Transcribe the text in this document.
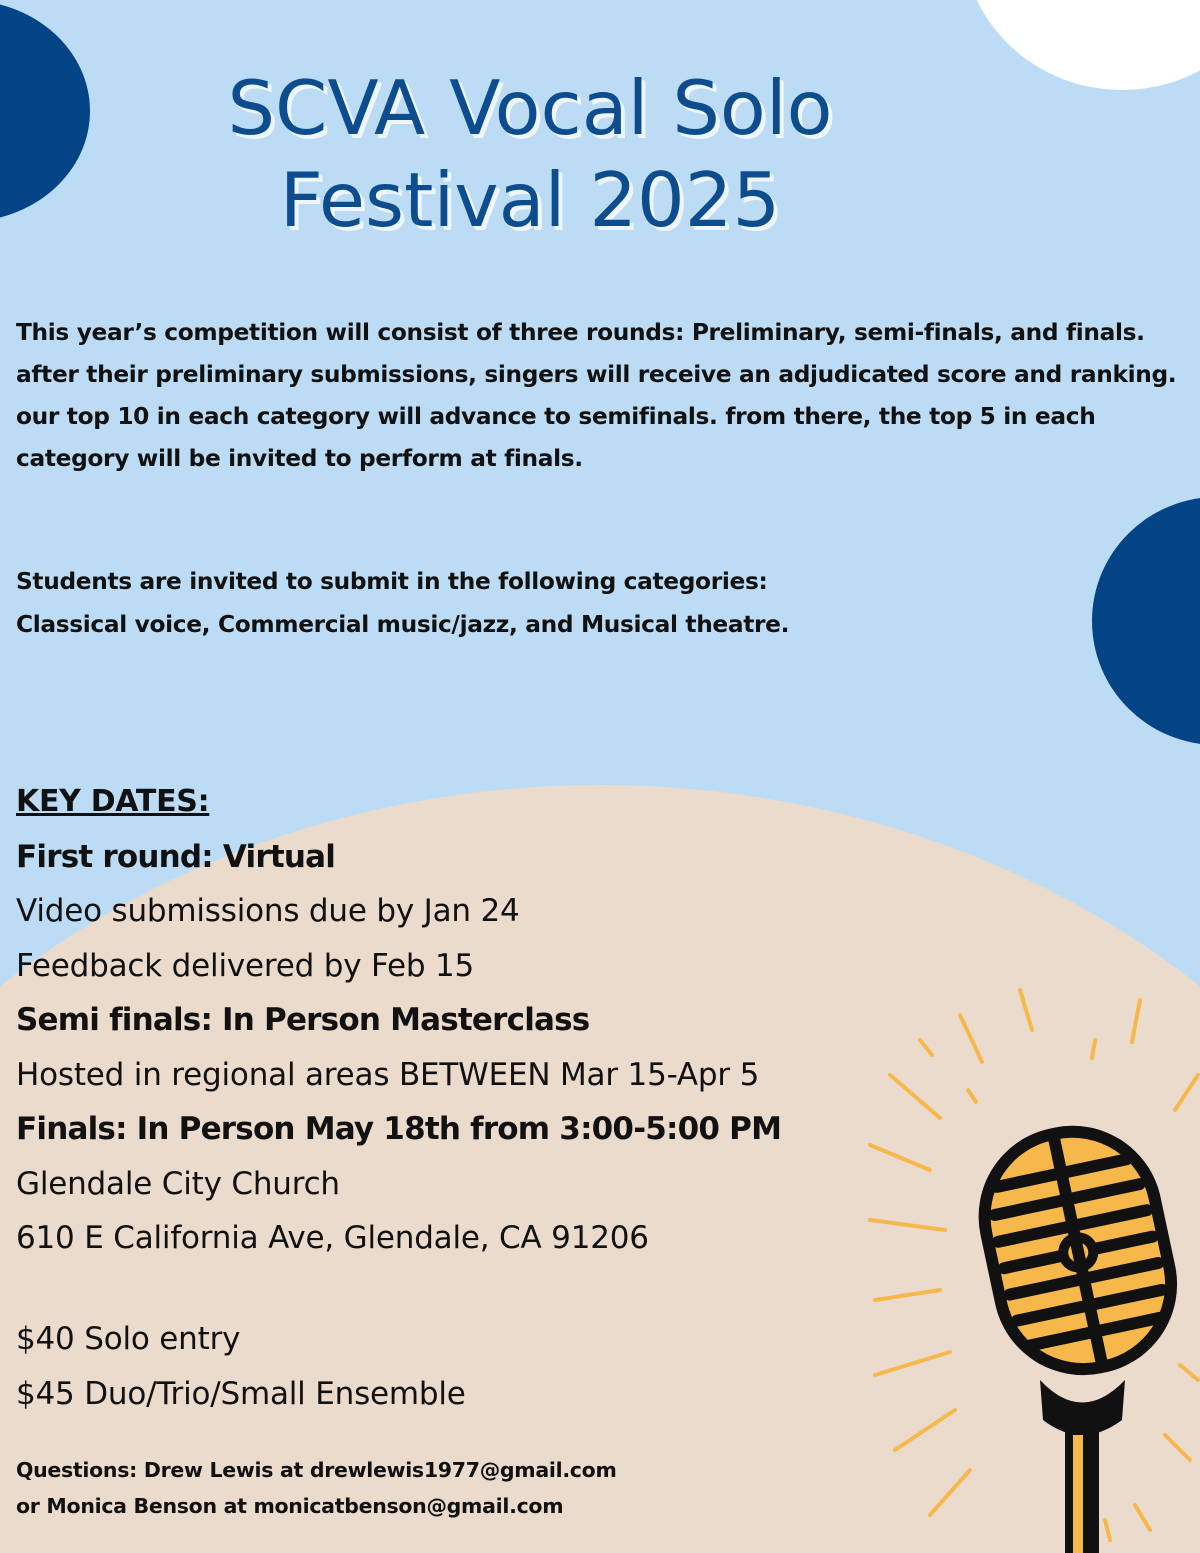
SCVA Vocal Solo
Festival 2025

This year’s competition will consist of three rounds: Preliminary, semi-finals, and finals. after their preliminary submissions, singers will receive an adjudicated score and ranking. our top 10 in each category will advance to semifinals. from there, the top 5 in each category will be invited to perform at finals.

Students are invited to submit in the following categories:
Classical voice, Commercial music/jazz, and Musical theatre.
KEY DATES:
First round: Virtual
Video submissions due by Jan 24
Feedback delivered by Feb 15
Semi finals: In Person Masterclass
Hosted in regional areas BETWEEN Mar 15-Apr 5
Finals: In Person May 18th from 3:00-5:00 PM
Glendale City Church
610 E California Ave, Glendale, CA 91206
$40 Solo entry
$45 Duo/Trio/Small Ensemble
Questions: Drew Lewis at drewlewis1977@gmail.com
or Monica Benson at monicatbenson@gmail.com
